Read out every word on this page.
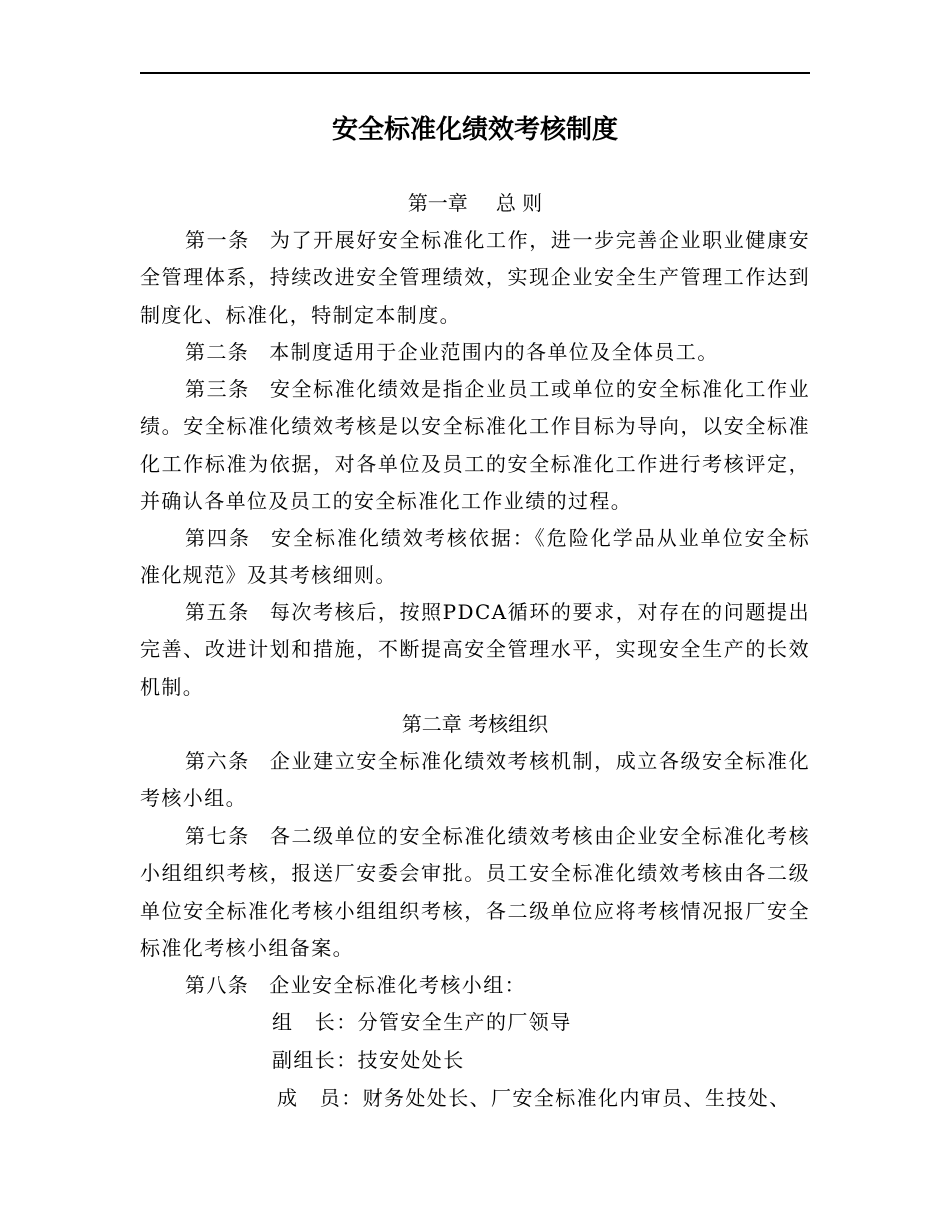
安全标准化绩效考核制度
第一章 总 则
第一条 为了开展好安全标准化工作，进一步完善企业职业健康安全管理体系，持续改进安全管理绩效，实现企业安全生产管理工作达到制度化、标准化，特制定本制度。
第二条 本制度适用于企业范围内的各单位及全体员工。
第三条 安全标准化绩效是指企业员工或单位的安全标准化工作业绩。安全标准化绩效考核是以安全标准化工作目标为导向，以安全标准化工作标准为依据，对各单位及员工的安全标准化工作进行考核评定，并确认各单位及员工的安全标准化工作业绩的过程。
第四条 安全标准化绩效考核依据：《危险化学品从业单位安全标准化规范》及其考核细则。
第五条 每次考核后，按照PDCA循环的要求，对存在的问题提出完善、改进计划和措施，不断提高安全管理水平，实现安全生产的长效机制。
第二章 考核组织
第六条 企业建立安全标准化绩效考核机制，成立各级安全标准化考核小组。
第七条 各二级单位的安全标准化绩效考核由企业安全标准化考核小组组织考核，报送厂安委会审批。员工安全标准化绩效考核由各二级单位安全标准化考核小组组织考核，各二级单位应将考核情况报厂安全标准化考核小组备案。
第八条 企业安全标准化考核小组：
组　长：分管安全生产的厂领导
副组长：技安处处长
成　员：财务处处长、厂安全标准化内审员、生技处、
